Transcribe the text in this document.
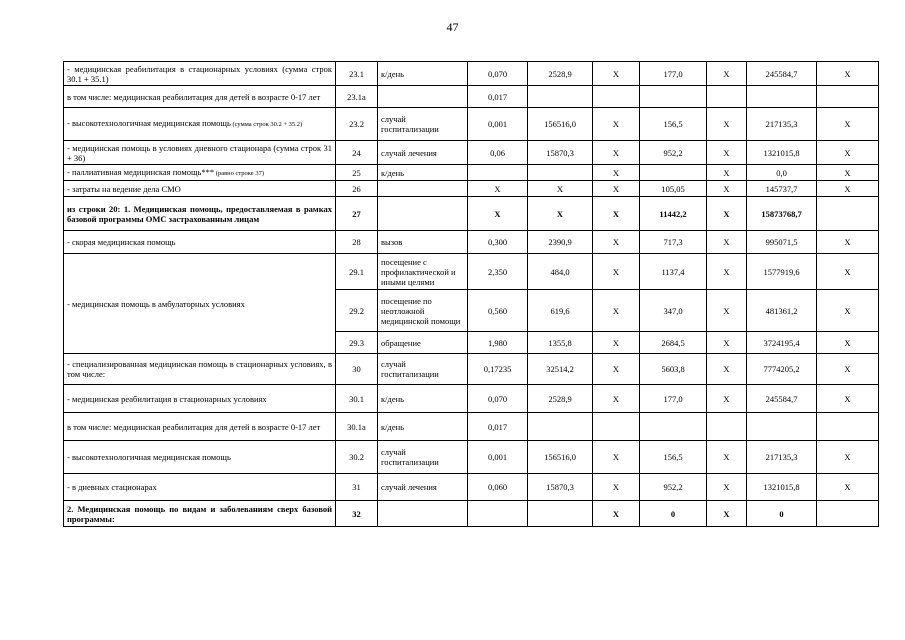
47
- медицинская реабилитация в стационарных условиях (сумма строк 30.1 + 35.1)	23.1	к/день	0,070	2528,9	X	177,0	X	245584,7	X
в том числе: медицинская реабилитация для детей в возрасте 0-17 лет	23.1а		0,017						
- высокотехнологичная медицинская помощь (сумма строк 30.2 + 35.2)	23.2	случай госпитализации	0,001	156516,0	X	156,5	X	217135,3	X
- медицинская помощь в условиях дневного стационара (сумма строк 31 + 36)	24	случай лечения	0,06	15870,3	X	952,2	X	1321015,8	X
- паллиативная медицинская помощь*** (равно строке 37)	25	к/день			X		X	0,0	X
- затраты на ведение дела СМО	26		X	X	X	105,05	X	145737,7	X
из строки 20: 1. Медицинская помощь, предоставляемая в рамках базовой программы ОМС застрахованным лицам	27		X	X	X	11442,2	X	15873768,7	
- скорая медицинская помощь	28	вызов	0,300	2390,9	X	717,3	X	995071,5	X
- медицинская помощь в амбулаторных условиях	29.1	посещение с профилактической и иными целями	2,350	484,0	X	1137,4	X	1577919,6	X
	29.2	посещение по неотложной медицинской помощи	0,560	619,6	X	347,0	X	481361,2	X
	29.3	обращение	1,980	1355,8	X	2684,5	X	3724195,4	X
- специализированная медицинская помощь в стационарных условиях, в том числе:	30	случай госпитализации	0,17235	32514,2	X	5603,8	X	7774205,2	X
- медицинская реабилитация в стационарных условиях	30.1	к/день	0,070	2528,9	X	177,0	X	245584,7	X
в том числе: медицинская реабилитация для детей в возрасте 0-17 лет	30.1а	к/день	0,017						
- высокотехнологичная медицинская помощь	30.2	случай госпитализации	0,001	156516,0	X	156,5	X	217135,3	X
- в дневных стационарах	31	случай лечения	0,060	15870,3	X	952,2	X	1321015,8	X
2. Медицинская помощь по видам и заболеваниям сверх базовой программы:	32				X	0	X	0	
